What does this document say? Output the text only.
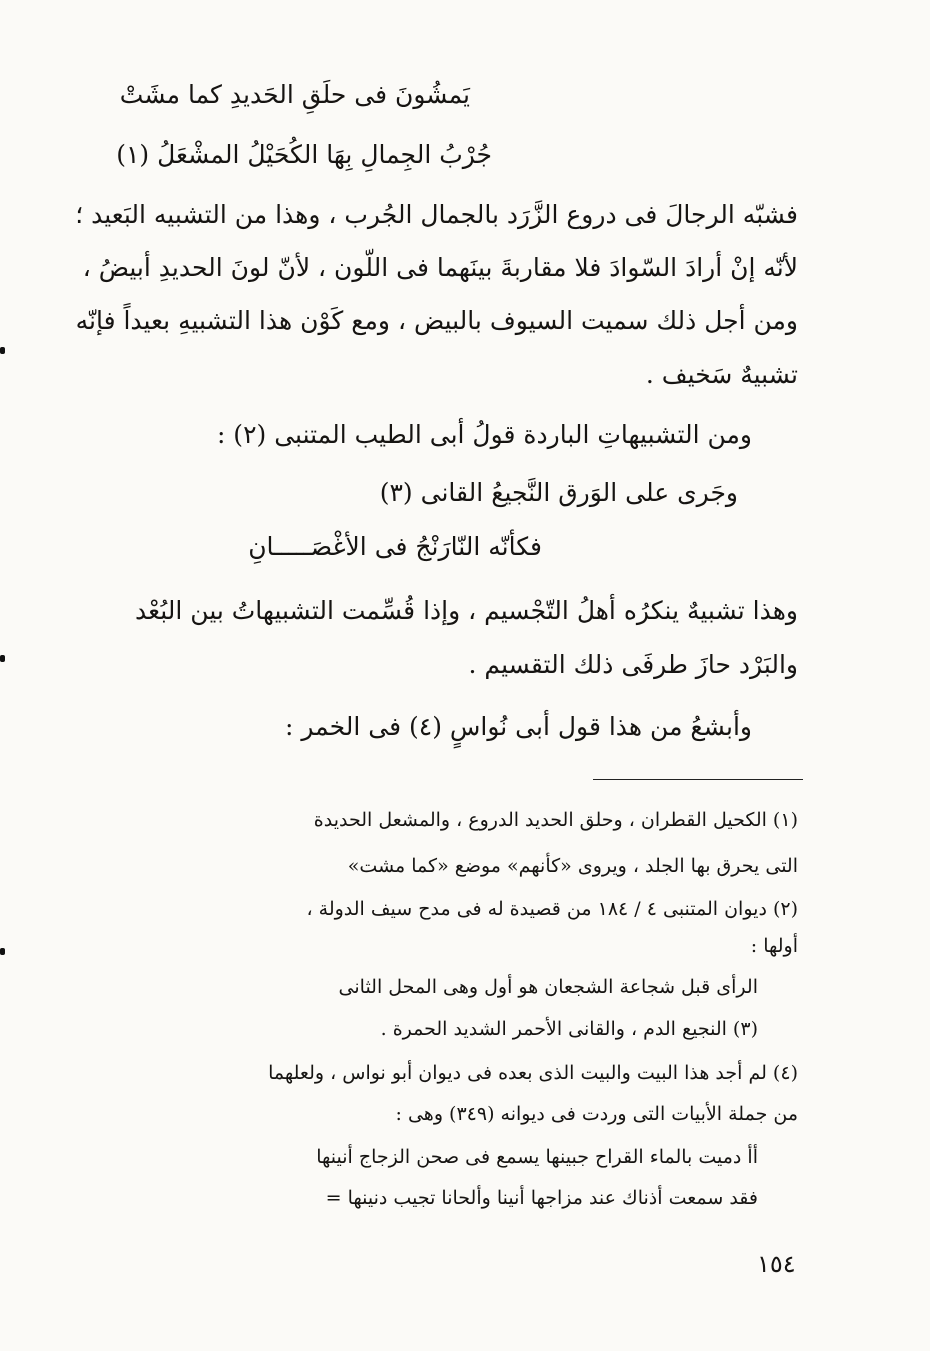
يَمشُونَ فى حلَقِ الحَديدِ كما مشَتْ
جُرْبُ الجِمالِ بِهَا الكُحَيْلُ المشْعَلُ (١)
فشبّه الرجالَ فى دروع الزَّرَد بالجمال الجُرب ، وهذا من التشبيه البَعيد ؛
لأنّه إنْ أرادَ السّوادَ فلا مقاربةَ بينَهما فى اللّون ، لأنّ لونَ الحديدِ أبيضُ ،
ومن أجل ذلك سميت السيوف بالبيض ، ومع كَوْن هذا التشبيهِ بعيداً فإنّه
تشبيهٌ سَخيف .
ومن التشبيهاتِ الباردة قولُ أبى الطيب المتنبى (٢) :
وجَرى على الوَرق النَّجيعُ القانى (٣)
فكأنّه النّارَنْجُ فى الأغْصَـــــانِ
وهذا تشبيهٌ ينكرُه أهلُ التّجْسيم ، وإذا قُسِّمت التشبيهاتُ بين البُعْد
والبَرْد حازَ طرفَى ذلك التقسيم .
وأبشعُ من هذا قول أبى نُواسٍ (٤) فى الخمر :
(١) الكحيل القطران ، وحلق الحديد الدروع ، والمشعل الحديدة
التى يحرق بها الجلد ، ويروى «كأنهم» موضع «كما مشت»
(٢) ديوان المتنبى ٤ / ١٨٤ من قصيدة له فى مدح سيف الدولة ،
أولها :
الرأى قبل شجاعة الشجعان هو أول وهى المحل الثانى
(٣) النجيع الدم ، والقانى الأحمر الشديد الحمرة .
(٤) لم أجد هذا البيت والبيت الذى بعده فى ديوان أبو نواس ، ولعلهما
من جملة الأبيات التى وردت فى ديوانه (٣٤٩) وهى :
أأ دميت بالماء القراح جبينها يسمع فى صحن الزجاج أنينها
فقد سمعت أذناك عند مزاجها أنينا وألحانا تجيب دنينها =
١٥٤
